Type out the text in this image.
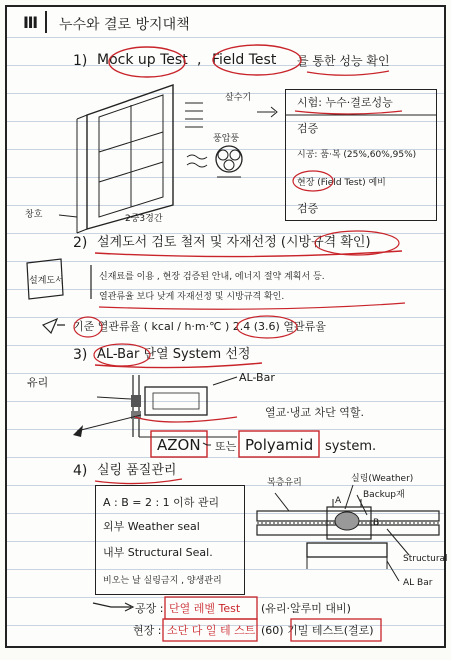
Ⅲ 누수와 결로 방지대책
1) Mock up Test , Field Test 를 통한 성능 확인
살수기
풍압풍
창호	2중3경간
시험: 누수·결로성능
검증
시공: 품·복 (25%,60%,95%)
현장 (Field Test) 예비
검증
2) 설계도서 검토 철저 및 자재선정 (시방규격 확인)
설계도서	신재료를 이용 , 현장 검증된 안내, 에너지 절약 계획서 등.
열관류율 보다 낮게 자재선정 및 시방규격 확인.
기준 열관류율 ( kcal / h·m·℃ ) 2.4 (3.6) 열관류율
3) AL-Bar 단열 System 선정
유리	AL-Bar
열교·냉교 차단 역할.
AZON 또는 Polyamid system.
4) 실링 품질관리
A : B = 2 : 1 이하 관리
외부 Weather seal
내부 Structural Seal.
비오는 날 실링금지 , 양생관리
복층유리	실링(Weather)
Backup재
A
B
Structural
AL Bar
공장 : 단열 레벨 Test (유리·알루미 대비)
현장 : 소단 다 일 테 스트 (60) 기밀 테스트(결로)
